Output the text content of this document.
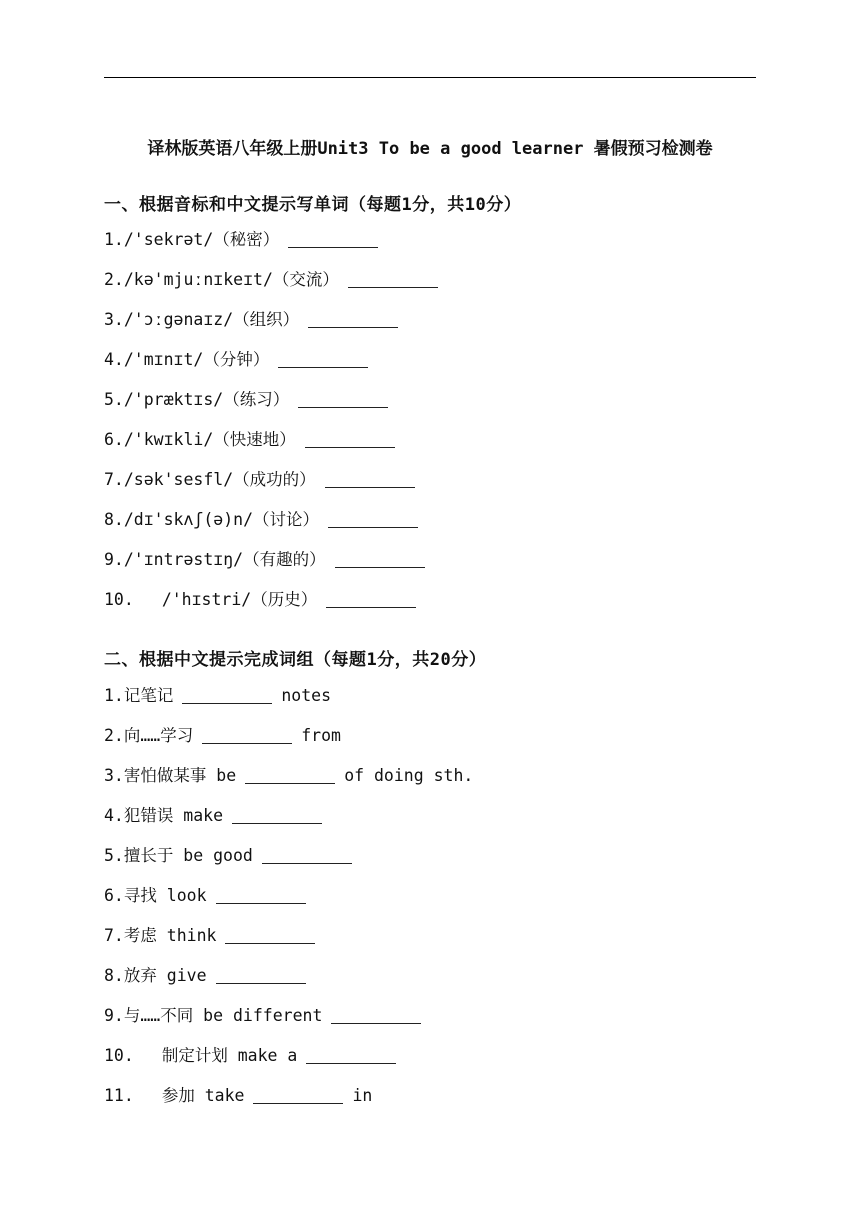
译林版英语八年级上册Unit3 To be a good learner 暑假预习检测卷
一、根据音标和中文提示写单词（每题1分，共10分）
1. /'sekrət/（秘密）
2. /kə'mjuːnɪkeɪt/（交流）
3. /'ɔːgənaɪz/（组织）
4. /'mɪnɪt/（分钟）
5. /'præktɪs/（练习）
6. /'kwɪkli/（快速地）
7. /sək'sesfl/（成功的）
8. /dɪ'skʌʃ(ə)n/（讨论）
9. /'ɪntrəstɪŋ/（有趣的）
10. /'hɪstri/（历史）
二、根据中文提示完成词组（每题1分，共20分）
1. 记笔记	notes
2. 向……学习	from
3. 害怕做某事 be	of doing sth.
4. 犯错误 make
5. 擅长于 be good
6. 寻找 look
7. 考虑 think
8. 放弃 give
9. 与……不同 be different
10. 制定计划 make a
11. 参加 take	in
